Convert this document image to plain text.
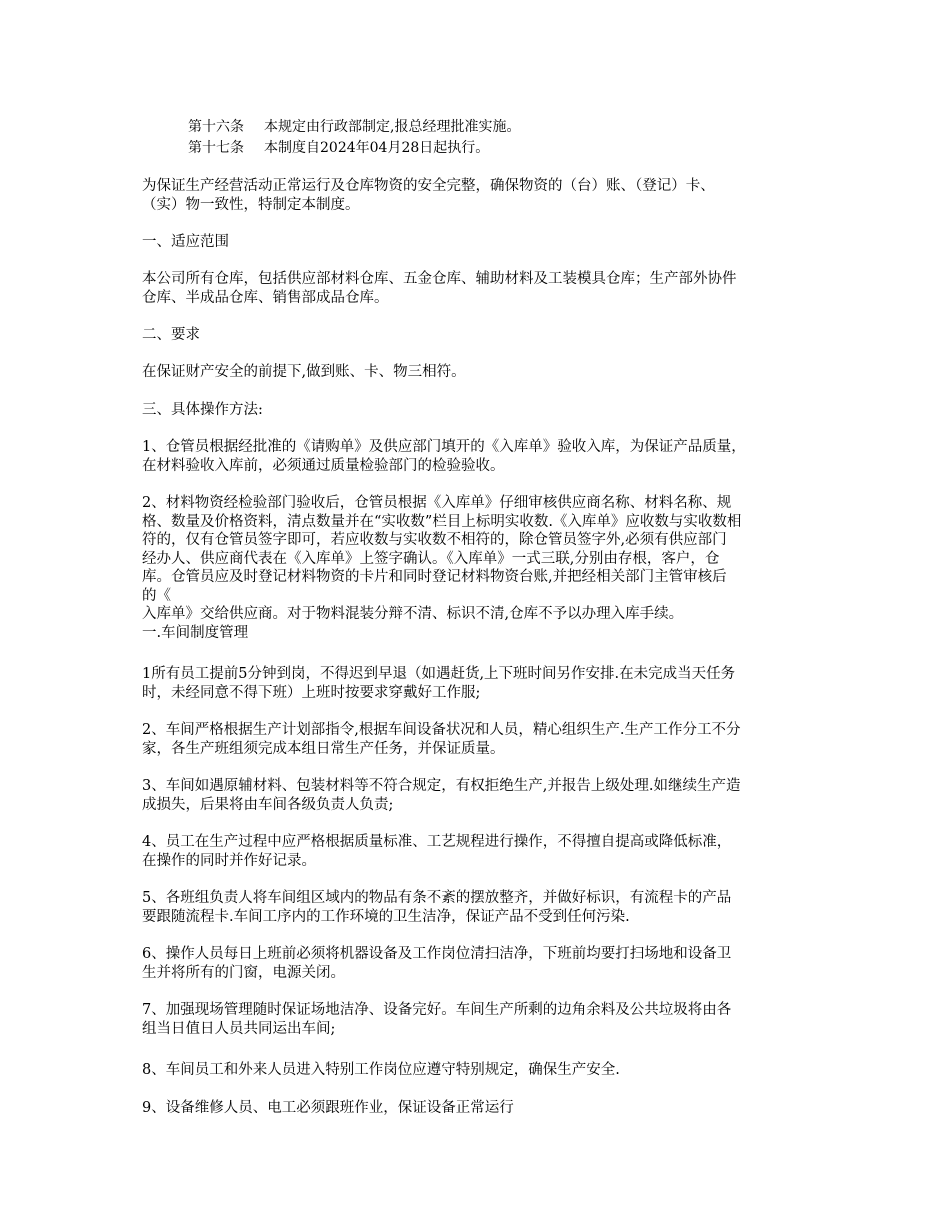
第十六条 本规定由行政部制定,报总经理批准实施。
第十七条 本制度自2024年04月28日起执行。

为保证生产经营活动正常运行及仓库物资的安全完整，确保物资的（台）账、（登记）卡、
（实）物一致性，特制定本制度。

一、适应范围

本公司所有仓库，包括供应部材料仓库、五金仓库、辅助材料及工装模具仓库；生产部外协件
仓库、半成品仓库、销售部成品仓库。

二、要求

在保证财产安全的前提下,做到账、卡、物三相符。

三、具体操作方法:

1、仓管员根据经批准的《请购单》及供应部门填开的《入库单》验收入库，为保证产品质量，
在材料验收入库前，必须通过质量检验部门的检验验收。

2、材料物资经检验部门验收后，仓管员根据《入库单》仔细审核供应商名称、材料名称、规
格、数量及价格资料，清点数量并在“实收数”栏目上标明实收数.《入库单》应收数与实收数相
符的，仅有仓管员签字即可，若应收数与实收数不相符的，除仓管员签字外,必须有供应部门
经办人、供应商代表在《入库单》上签字确认。《入库单》一式三联,分别由存根，客户，仓
库。仓管员应及时登记材料物资的卡片和同时登记材料物资台账,并把经相关部门主管审核后
的《
入库单》交给供应商。对于物料混装分辩不清、标识不清,仓库不予以办理入库手续。
一.车间制度管理

1所有员工提前5分钟到岗，不得迟到早退（如遇赶货,上下班时间另作安排.在未完成当天任务
时，未经同意不得下班）上班时按要求穿戴好工作服;

2、车间严格根据生产计划部指令,根据车间设备状况和人员，精心组织生产.生产工作分工不分
家，各生产班组须完成本组日常生产任务，并保证质量。

3、车间如遇原辅材料、包装材料等不符合规定，有权拒绝生产,并报告上级处理.如继续生产造
成损失，后果将由车间各级负责人负责;

4、员工在生产过程中应严格根据质量标准、工艺规程进行操作，不得擅自提高或降低标准，
在操作的同时并作好记录。

5、各班组负责人将车间组区域内的物品有条不紊的摆放整齐，并做好标识，有流程卡的产品
要跟随流程卡.车间工序内的工作环境的卫生洁净，保证产品不受到任何污染.

6、操作人员每日上班前必须将机器设备及工作岗位清扫洁净，下班前均要打扫场地和设备卫
生并将所有的门窗，电源关闭。

7、加强现场管理随时保证场地洁净、设备完好。车间生产所剩的边角余料及公共垃圾将由各
组当日值日人员共同运出车间;

8、车间员工和外来人员进入特别工作岗位应遵守特别规定，确保生产安全.

9、设备维修人员、电工必须跟班作业，保证设备正常运行
